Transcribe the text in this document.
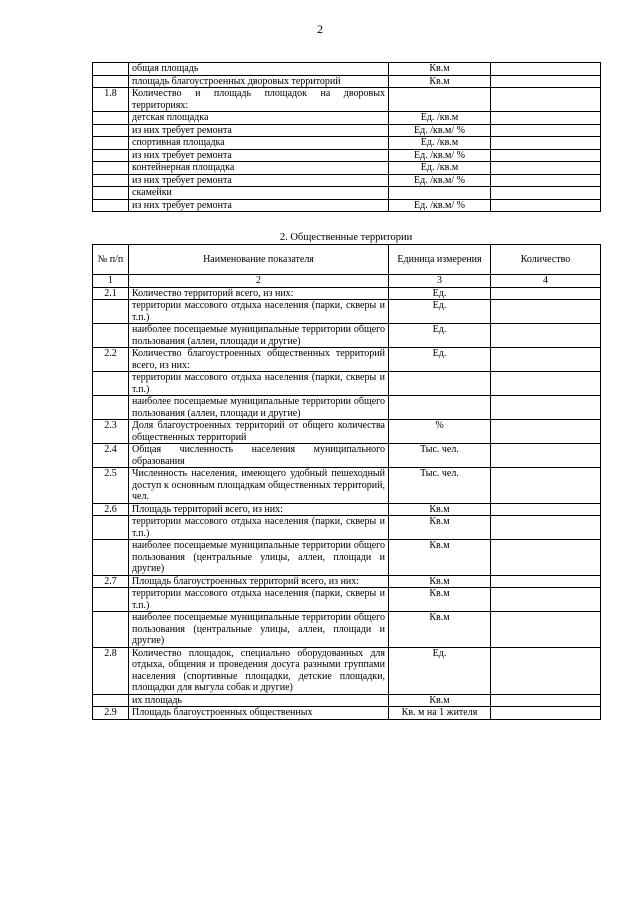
2
	общая площадь	Кв.м	
	площадь благоустроенных дворовых территорий	Кв.м	
1.8	Количество и площадь площадок на дворовых территориях:		
	детская площадка	Ед. /кв.м	
	из них требует ремонта	Ед. /кв.м/ %	
	спортивная площадка	Ед. /кв.м	
	из них требует ремонта	Ед. /кв.м/ %	
	контейнерная площадка	Ед. /кв.м	
	из них требует ремонта	Ед. /кв.м/ %	
	скамейки		
	из них требует ремонта	Ед. /кв.м/ %	
2. Общественные территории
№ п/п	Наименование показателя	Единица измерения	Количество
1	2	3	4
2.1	Количество территорий всего, из них:	Ед.	
	территории массового отдыха населения (парки, скверы и т.п.)	Ед.	
	наиболее посещаемые муниципальные территории общего пользования (аллеи, площади и другие)	Ед.	
2.2	Количество благоустроенных общественных территорий всего, из них:	Ед.	
	территории массового отдыха населения (парки, скверы и т.п.)		
	наиболее посещаемые муниципальные территории общего пользования (аллеи, площади и другие)		
2.3	Доля благоустроенных территорий от общего количества общественных территорий	%	
2.4	Общая численность населения муниципального образования	Тыс. чел.	
2.5	Численность населения, имеющего удобный пешеходный доступ к основным площадкам общественных территорий, чел.	Тыс. чел.	
2.6	Площадь территорий всего, из них:	Кв.м	
	территории массового отдыха населения (парки, скверы и т.п.)	Кв.м	
	наиболее посещаемые муниципальные территории общего пользования (центральные улицы, аллеи, площади и другие)	Кв.м	
2.7	Площадь благоустроенных территорий всего, из них:	Кв.м	
	территории массового отдыха населения (парки, скверы и т.п.)	Кв.м	
	наиболее посещаемые муниципальные территории общего пользования (центральные улицы, аллеи, площади и другие)	Кв.м	
2.8	Количество площадок, специально оборудованных для отдыха, общения и проведения досуга разными группами населения (спортивные площадки, детские площадки, площадки для выгула собак и другие)	Ед.	
	их площадь	Кв.м	
2.9	Площадь благоустроенных общественных	Кв. м на 1 жителя	
